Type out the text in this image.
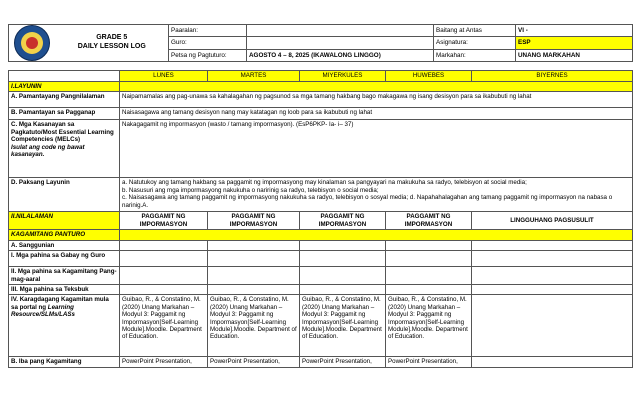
		Paaralan:		Baitang at Antas	VI -
		Guro:		Asignatura:	ESP

	GRADE 5
DAILY LESSON LOG	Petsa ng Pagtuturo:	AGOSTO 4 – 8, 2025 (IKAWALONG LINGGO)	Markahan:	UNANG MARKAHAN
	LUNES	MARTES	MIYERKULES	HUWEBES	BIYERNES
I.LAYUNIN					
A. Pamantayang Pangnilalaman	Naipamamalas ang pag-unawa sa kahalagahan ng pagsunod sa mga tamang hakbang bago makagawa ng isang desisyon para sa ikabubuti ng lahat				
B. Pamantayan sa Pagganap	Naisasagawa ang tamang desisyon nang may katatagan ng loob para sa ikabubuti ng lahat				

C. Mga Kasanayan sa Pagkatuto/Most Essential Learning Competencies (MELCs)
Isulat ang code ng bawat kasanayan.	Nakagagamit ng impormasyon (wasto / tamang impormasyon). (EsP6PKP- Ia- i– 37)				
D. Paksang Layunin	a. Natutukoy ang tamang hakbang sa paggamit ng impormasyong may kinalaman sa pangyayari na makukuha sa radyo, telebisyon at social media;
b. Nasusuri ang mga impormasyong nakukuha o naririnig sa radyo, telebisyon o social media;
c. Naisasagawa ang tamang paggamit ng impormasyong nakukuha sa radyo, telebisyon o sosyal media; d. Napahahalagahan ang tamang paggamit ng impormasyon na nabasa o narinig.A.				

II.NILALAMAN	PAGGAMIT NG IMPORMASYON	PAGGAMIT NG IMPORMASYON	PAGGAMIT NG IMPORMASYON	PAGGAMIT NG IMPORMASYON	LINGGUHANG PAGSUSULIT
KAGAMITANG PANTURO					
A. Sanggunian					
I. Mga pahina sa Gabay ng Guro					
II. Mga pahina sa Kagamitang Pang-mag-aaral					
III. Mga pahina sa Teksbuk					
IV. Karagdagang Kagamitan mula sa portal ng Learning Resource/SLMs/LASs	Guibao, R., & Constatino, M. (2020) Unang Markahan – Modyul 3: Paggamit ng Impormasyon[Self-Learning Module].Moodle. Department of Education.	Guibao, R., & Constatino, M. (2020) Unang Markahan – Modyul 3: Paggamit ng Impormasyon[Self-Learning Module].Moodle. Department of Education.	Guibao, R., & Constatino, M. (2020) Unang Markahan – Modyul 3: Paggamit ng Impormasyon[Self-Learning Module].Moodle. Department of Education.	Guibao, R., & Constatino, M. (2020) Unang Markahan – Modyul 3: Paggamit ng Impormasyon[Self-Learning Module].Moodle. Department of Education.	
B. Iba pang Kagamitang	PowerPoint Presentation,	PowerPoint Presentation,	PowerPoint Presentation,	PowerPoint Presentation,	
